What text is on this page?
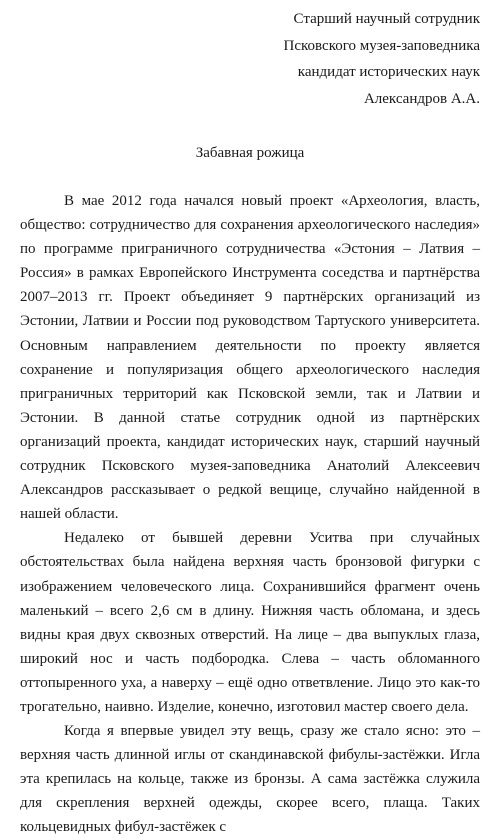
Старший научный сотрудник
Псковского музея-заповедника
кандидат исторических наук
Александров А.А.
Забавная рожица

В мае 2012 года начался новый проект «Археология, власть, общество: сотрудничество для сохранения археологического наследия» по программе приграничного сотрудничества «Эстония – Латвия – Россия» в рамках Европейского Инструмента соседства и партнёрства 2007–2013 гг. Проект объединяет 9 партнёрских организаций из Эстонии, Латвии и России под руководством Тартуского университета. Основным направлением деятельности по проекту является сохранение и популяризация общего археологического наследия приграничных территорий как Псковской земли, так и Латвии и Эстонии. В данной статье сотрудник одной из партнёрских организаций проекта, кандидат исторических наук, старший научный сотрудник Псковского музея-заповедника Анатолий Алексеевич Александров рассказывает о редкой вещице, случайно найденной в нашей области.

Недалеко от бывшей деревни Уситва при случайных обстоятельствах была найдена верхняя часть бронзовой фигурки с изображением человеческого лица. Сохранившийся фрагмент очень маленький – всего 2,6 см в длину. Нижняя часть обломана, и здесь видны края двух сквозных отверстий. На лице – два выпуклых глаза, широкий нос и часть подбородка. Слева – часть обломанного оттопыренного уха, а наверху – ещё одно ответвление. Лицо это как-то трогательно, наивно. Изделие, конечно, изготовил мастер своего дела.

Когда я впервые увидел эту вещь, сразу же стало ясно: это – верхняя часть длинной иглы от скандинавской фибулы-застёжки. Игла эта крепилась на кольце, также из бронзы. А сама застёжка служила для скрепления верхней одежды, скорее всего, плаща. Таких кольцевидных фибул-застёжек с
